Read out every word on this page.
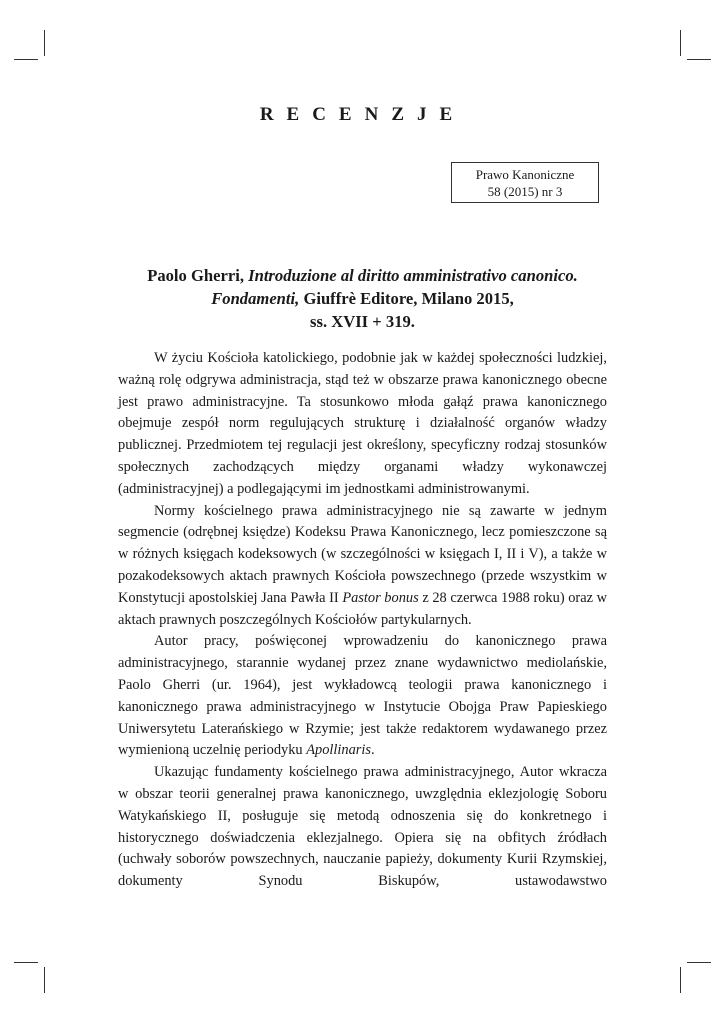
RECENZJE
Prawo Kanoniczne
58 (2015) nr 3
Paolo Gherri, Introduzione al diritto amministrativo canonico. Fondamenti, Giuffrè Editore, Milano 2015,
ss. XVII + 319.

W życiu Kościoła katolickiego, podobnie jak w każdej społeczności ludzkiej, ważną rolę odgrywa administracja, stąd też w obszarze prawa kanonicznego obecne jest prawo administracyjne. Ta stosunkowo młoda gałąź prawa kanonicznego obejmuje zespół norm regulujących strukturę i działalność organów władzy publicznej. Przedmiotem tej regulacji jest określony, specyficzny rodzaj stosunków społecznych zachodzących między organami władzy wykonawczej (administracyjnej) a podlegającymi im jednostkami administrowanymi.

Normy kościelnego prawa administracyjnego nie są zawarte w jednym segmencie (odrębnej księdze) Kodeksu Prawa Kanonicznego, lecz pomieszczone są w różnych księgach kodeksowych (w szczególności w księgach I, II i V), a także w pozakodeksowych aktach prawnych Kościoła powszechnego (przede wszystkim w Konstytucji apostolskiej Jana Pawła II Pastor bonus z 28 czerwca 1988 roku) oraz w aktach prawnych poszczególnych Kościołów partykularnych.

Autor pracy, poświęconej wprowadzeniu do kanonicznego prawa administracyjnego, starannie wydanej przez znane wydawnictwo mediolańskie, Paolo Gherri (ur. 1964), jest wykładowcą teologii prawa kanonicznego i kanonicznego prawa administracyjnego w Instytucie Obojga Praw Papieskiego Uniwersytetu Laterańskiego w Rzymie; jest także redaktorem wydawanego przez wymienioną uczelnię periodyku Apollinaris.

Ukazując fundamenty kościelnego prawa administracyjnego, Autor wkracza w obszar teorii generalnej prawa kanonicznego, uwzględnia eklezjologię Soboru Watykańskiego II, posługuje się metodą odnoszenia się do konkretnego i historycznego doświadczenia eklezjalnego. Opiera się na obfitych źródłach (uchwały soborów powszechnych, nauczanie papieży, dokumenty Kurii Rzymskiej, dokumenty Synodu Biskupów, ustawodawstwo
